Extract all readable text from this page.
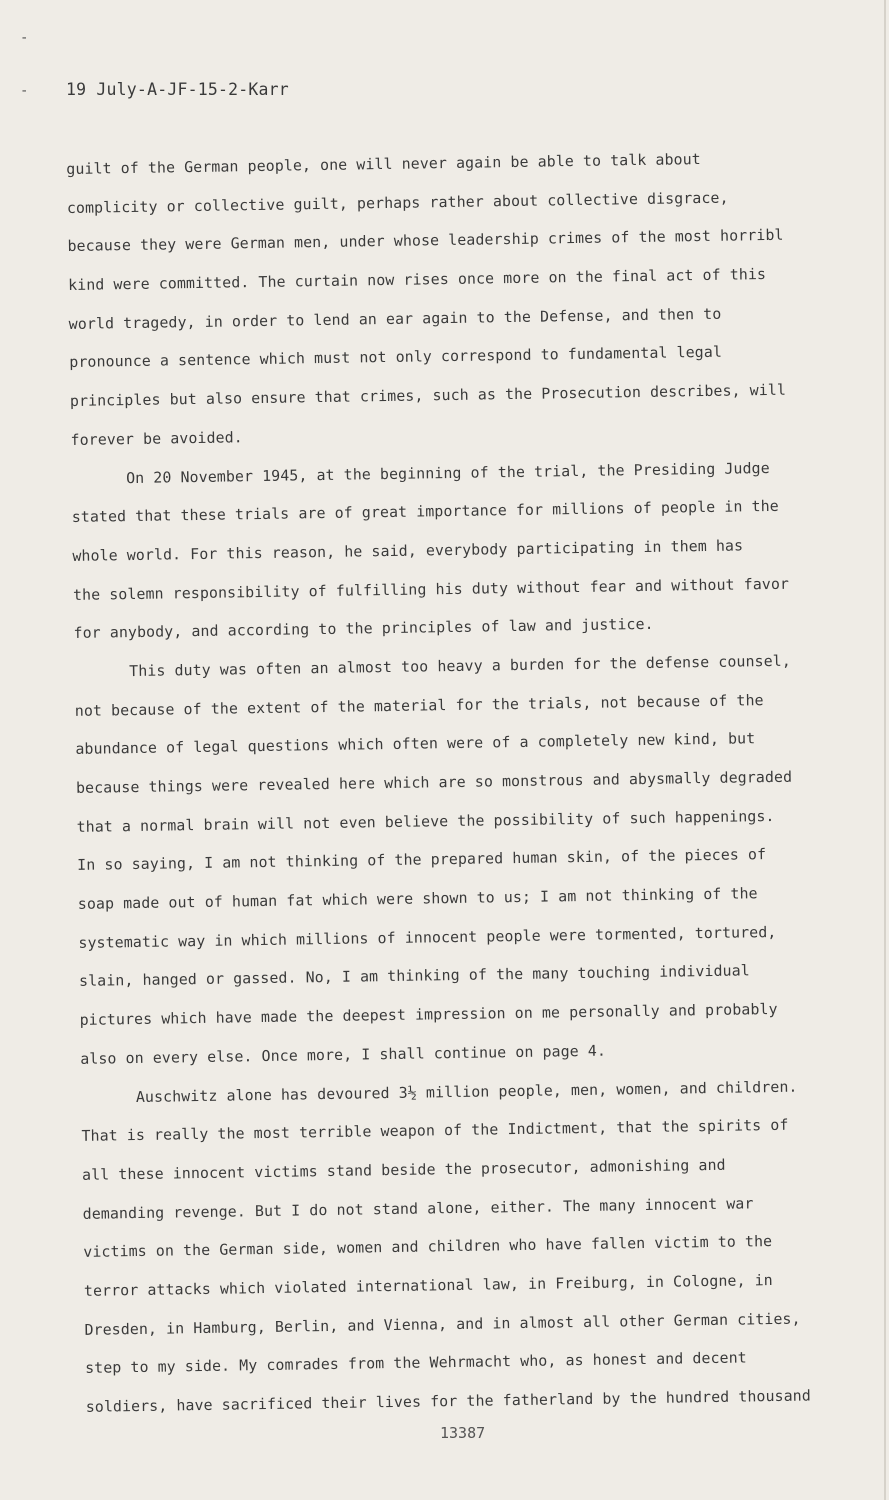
-
- 19 July-A-JF-15-2-Karr
guilt of the German people, one will never again be able to talk about
complicity or collective guilt, perhaps rather about collective disgrace,
because they were German men, under whose leadership crimes of the most horribl
kind were committed. The curtain now rises once more on the final act of this
world tragedy, in order to lend an ear again to the Defense, and then to
pronounce a sentence which must not only correspond to fundamental legal
principles but also ensure that crimes, such as the Prosecution describes, will
forever be avoided.
On 20 November 1945, at the beginning of the trial, the Presiding Judge
stated that these trials are of great importance for millions of people in the
whole world. For this reason, he said, everybody participating in them has
the solemn responsibility of fulfilling his duty without fear and without favor
for anybody, and according to the principles of law and justice.
This duty was often an almost too heavy a burden for the defense counsel,
not because of the extent of the material for the trials, not because of the
abundance of legal questions which often were of a completely new kind, but
because things were revealed here which are so monstrous and abysmally degraded
that a normal brain will not even believe the possibility of such happenings.
In so saying, I am not thinking of the prepared human skin, of the pieces of
soap made out of human fat which were shown to us; I am not thinking of the
systematic way in which millions of innocent people were tormented, tortured,
slain, hanged or gassed. No, I am thinking of the many touching individual
pictures which have made the deepest impression on me personally and probably
also on every else. Once more, I shall continue on page 4.
Auschwitz alone has devoured 3½ million people, men, women, and children.
That is really the most terrible weapon of the Indictment, that the spirits of
all these innocent victims stand beside the prosecutor, admonishing and
demanding revenge. But I do not stand alone, either. The many innocent war
victims on the German side, women and children who have fallen victim to the
terror attacks which violated international law, in Freiburg, in Cologne, in
Dresden, in Hamburg, Berlin, and Vienna, and in almost all other German cities,
step to my side. My comrades from the Wehrmacht who, as honest and decent
soldiers, have sacrificed their lives for the fatherland by the hundred thousand
13387
